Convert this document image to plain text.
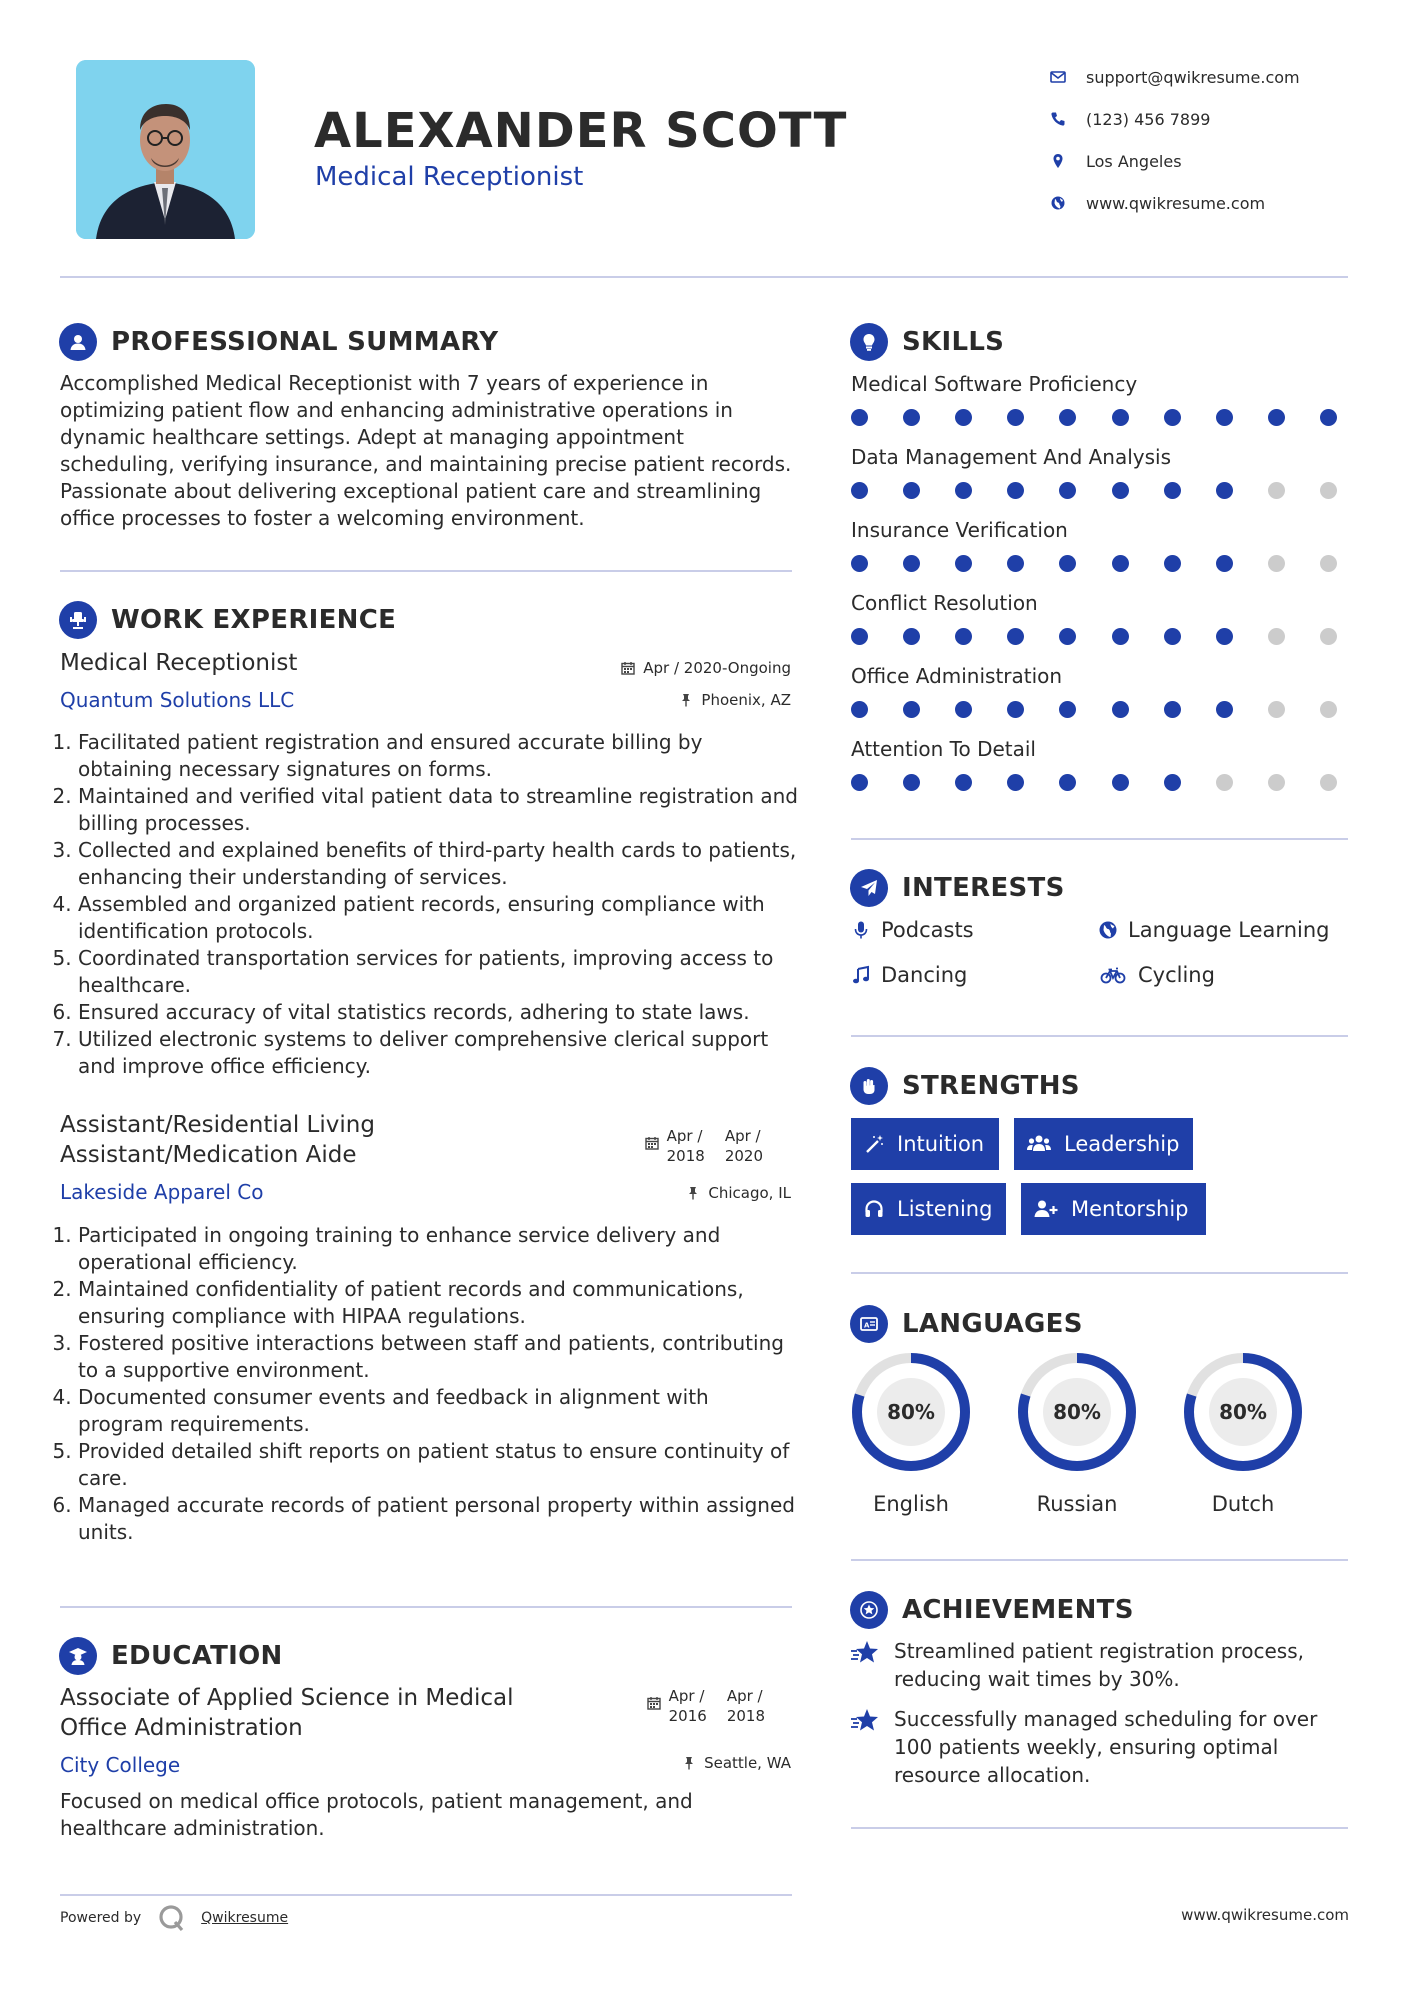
ALEXANDER SCOTT
Medical Receptionist
support@qwikresume.com
(123) 456 7899
Los Angeles
www.qwikresume.com
PROFESSIONAL SUMMARY
Accomplished Medical Receptionist with 7 years of experience in optimizing patient flow and enhancing administrative operations in dynamic healthcare settings. Adept at managing appointment scheduling, verifying insurance, and maintaining precise patient records. Passionate about delivering exceptional patient care and streamlining office processes to foster a welcoming environment.
WORK EXPERIENCE
Medical Receptionist	Apr / 2020-Ongoing
Quantum Solutions LLC	Phoenix, AZ
1. Facilitated patient registration and ensured accurate billing by obtaining necessary signatures on forms.
2. Maintained and verified vital patient data to streamline registration and billing processes.
3. Collected and explained benefits of third-party health cards to patients, enhancing their understanding of services.
4. Assembled and organized patient records, ensuring compliance with identification protocols.
5. Coordinated transportation services for patients, improving access to healthcare.
6. Ensured accuracy of vital statistics records, adhering to state laws.
7. Utilized electronic systems to deliver comprehensive clerical support and improve office efficiency.
Assistant/Residential Living Assistant/Medication Aide
Apr /
2018
Apr /
2020
Lakeside Apparel Co	Chicago, IL
1. Participated in ongoing training to enhance service delivery and operational efficiency.
2. Maintained confidentiality of patient records and communications, ensuring compliance with HIPAA regulations.
3. Fostered positive interactions between staff and patients, contributing to a supportive environment.
4. Documented consumer events and feedback in alignment with program requirements.
5. Provided detailed shift reports on patient status to ensure continuity of care.
6. Managed accurate records of patient personal property within assigned units.
EDUCATION
Associate of Applied Science in Medical Office Administration
Apr /
2016
Apr /
2018
City College	Seattle, WA
Focused on medical office protocols, patient management, and healthcare administration.
SKILLS
Medical Software Proficiency
Data Management And Analysis
Insurance Verification
Conflict Resolution
Office Administration
Attention To Detail
INTERESTS
Podcasts	Language Learning
Dancing	Cycling
STRENGTHS
Intuition	Leadership
Listening	Mentorship
A LANGUAGES
80%
English
80%
Russian
80%
Dutch
ACHIEVEMENTS
Streamlined patient registration process, reducing wait times by 30%.
Successfully managed scheduling for over 100 patients weekly, ensuring optimal resource allocation.
Powered by	Qwikresume	www.qwikresume.com
